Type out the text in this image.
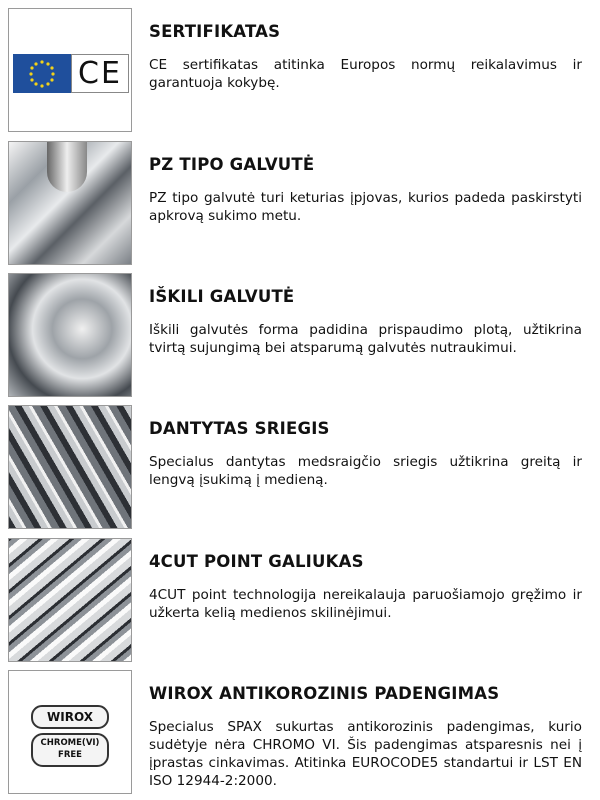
CE
SERTIFIKATAS
CE sertifikatas atitinka Europos normų reikalavimus ir garantuoja kokybę.
PZ TIPO GALVUTĖ
PZ tipo galvutė turi keturias įpjovas, kurios padeda paskirstyti apkrovą sukimo metu.
IŠKILI GALVUTĖ
Iškili galvutės forma padidina prispaudimo plotą, užtikrina tvirtą sujungimą bei atsparumą galvutės nutraukimui.
DANTYTAS SRIEGIS
Specialus dantytas medsraigčio sriegis užtikrina greitą ir lengvą įsukimą į medieną.
4CUT POINT GALIUKAS
4CUT point technologija nereikalauja paruošiamojo gręžimo ir užkerta kelią medienos skilinėjimui.
WIROX
CHROME(VI)
FREE
WIROX ANTIKOROZINIS PADENGIMAS
Specialus SPAX sukurtas antikorozinis padengimas, kurio sudėtyje nėra CHROMO VI. Šis padengimas atsparesnis nei į įprastas cinkavimas. Atitinka EUROCODE5 standartui ir LST EN ISO 12944-2:2000.
